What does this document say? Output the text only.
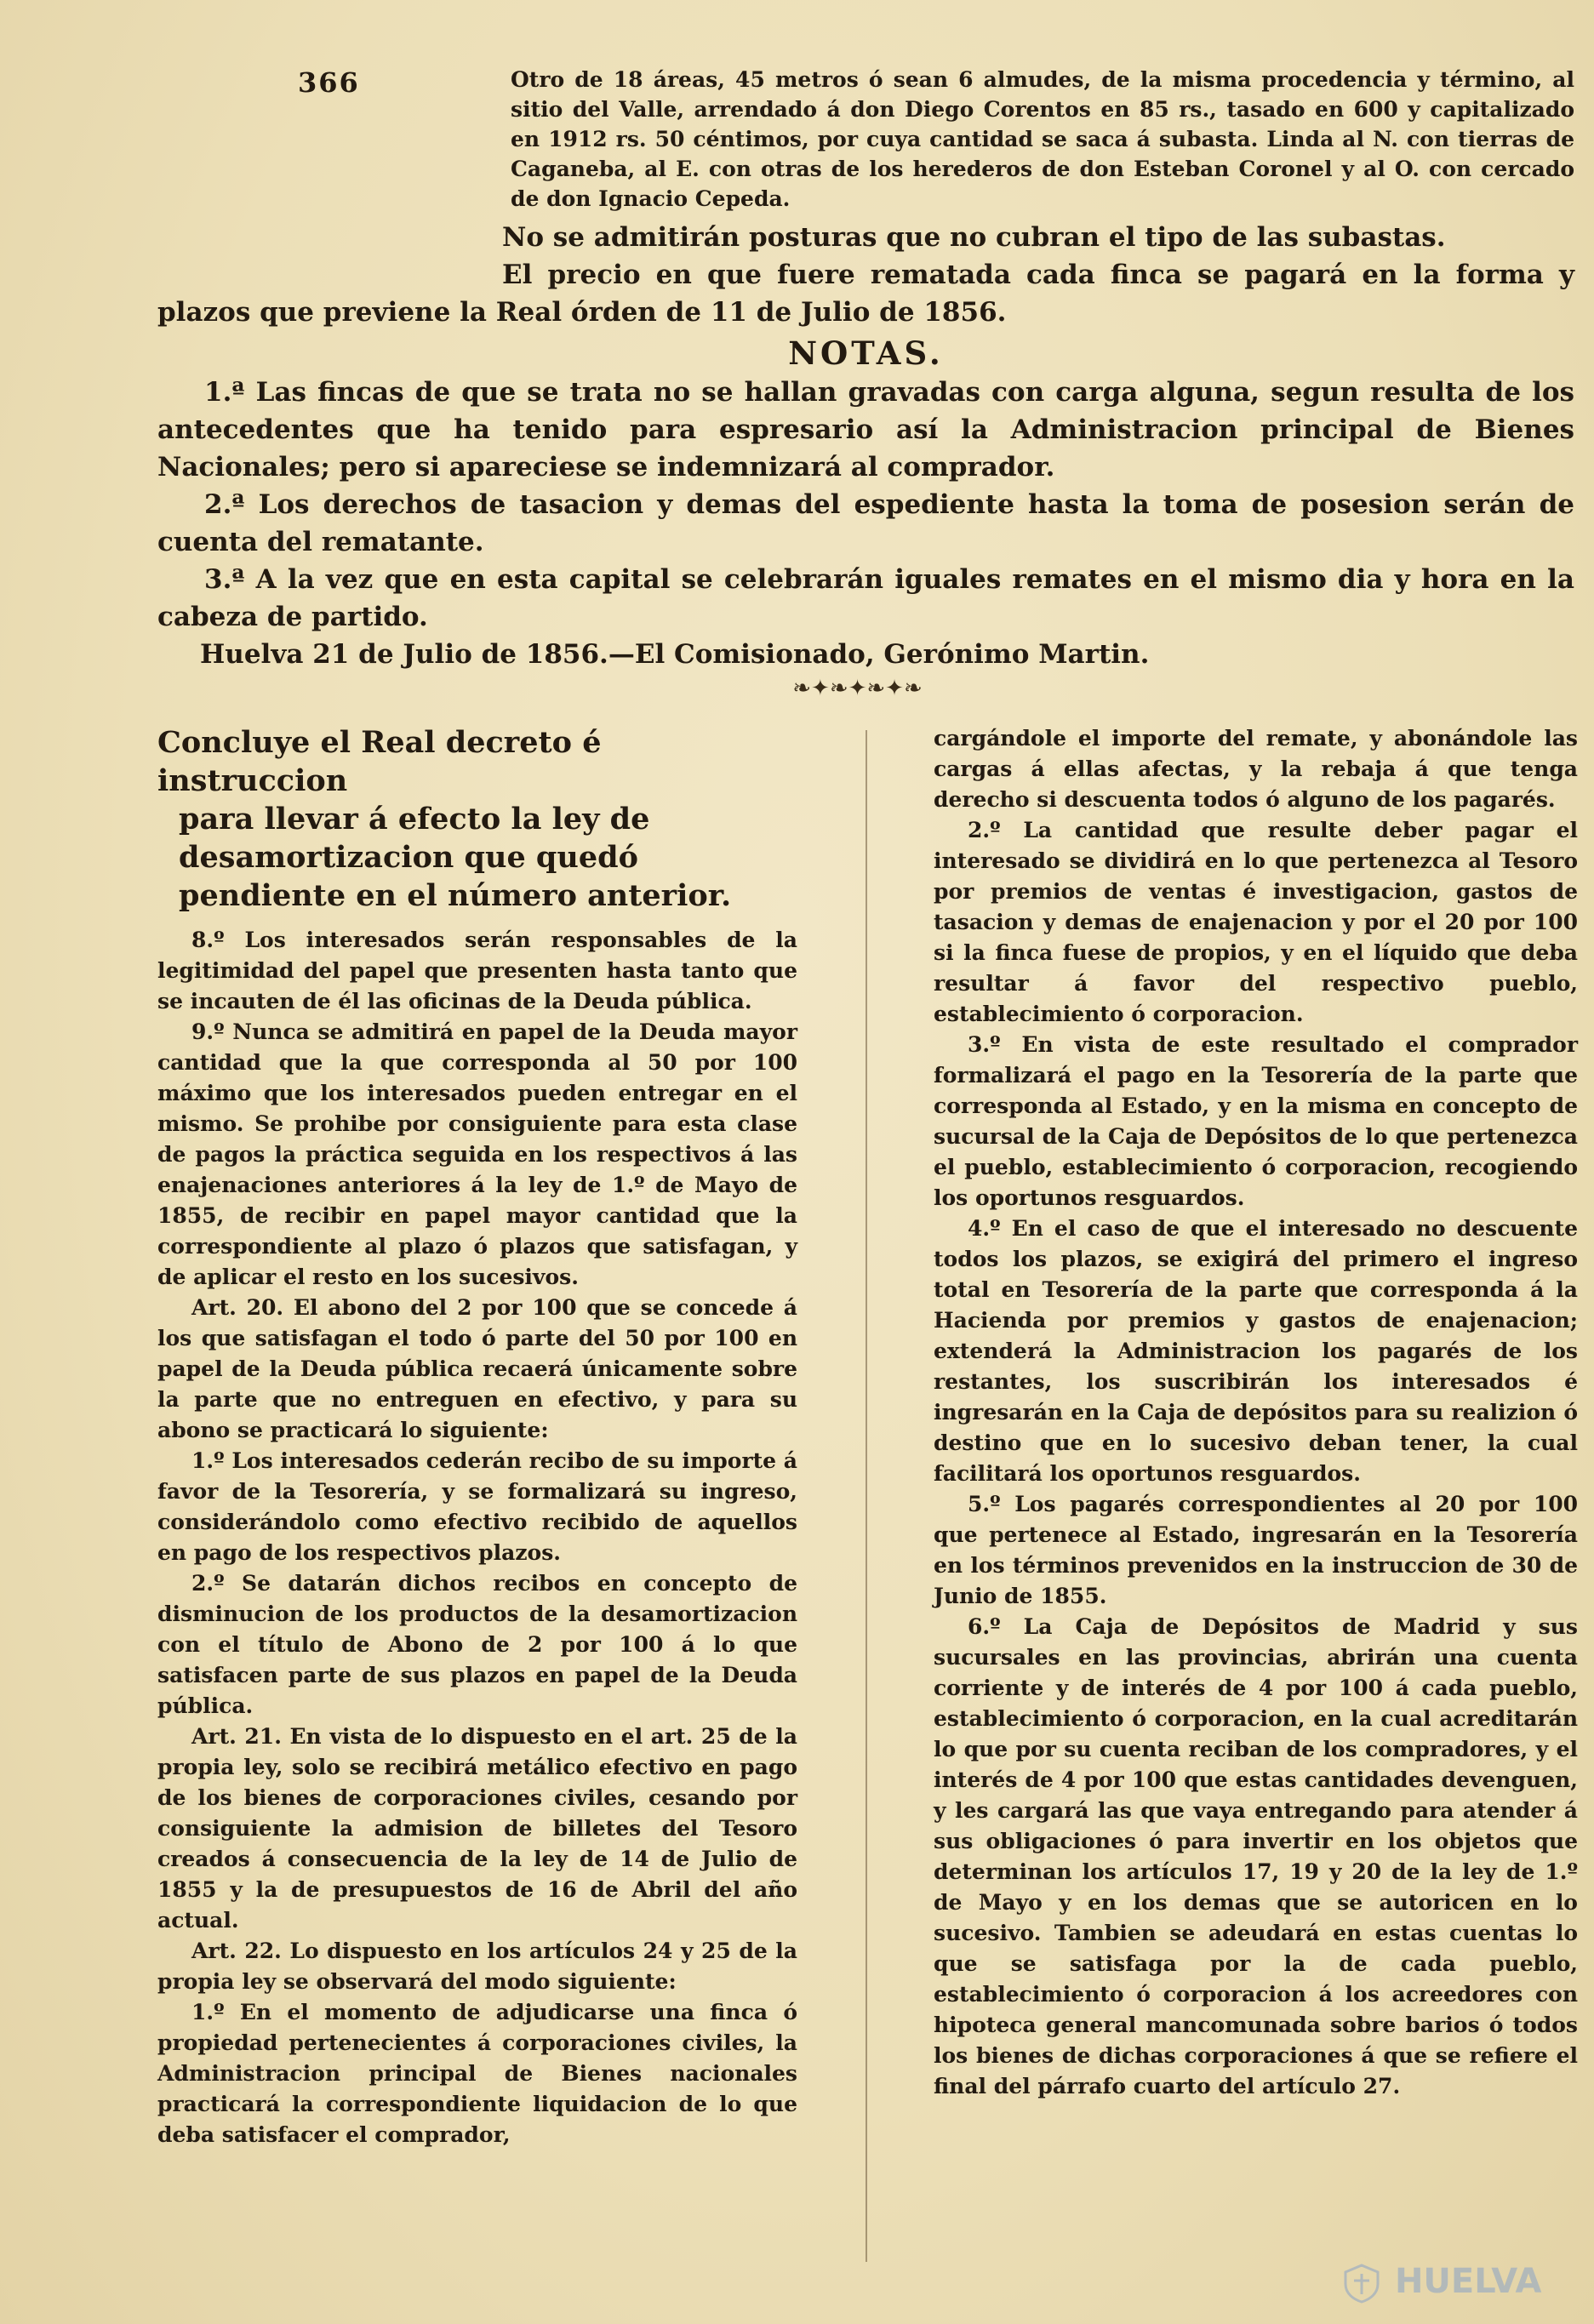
366	Otro de 18 áreas, 45 metros ó sean 6 almudes, de la misma procedencia y término, al sitio del Valle, arrendado á don Diego Corentos en 85 rs., tasado en 600 y capitalizado en 1912 rs. 50 céntimos, por cuya cantidad se saca á subasta. Linda al N. con tierras de Caganeba, al E. con otras de los herederos de don Esteban Coronel y al O. con cercado de don Ignacio Cepeda.

No se admitirán posturas que no cubran el tipo de las subastas.

El precio en que fuere rematada cada finca se pagará en la forma y plazos que previene la Real órden de 11 de Julio de 1856.

NOTAS.

1.ª Las fincas de que se trata no se hallan gravadas con carga alguna, segun resulta de los antecedentes que ha tenido para espresario así la Administracion principal de Bienes Nacionales; pero si apareciese se indemnizará al comprador.

2.ª Los derechos de tasacion y demas del espediente hasta la toma de posesion serán de cuenta del rematante.

3.ª A la vez que en esta capital se celebrarán iguales remates en el mismo dia y hora en la cabeza de partido.

Huelva 21 de Julio de 1856.—El Comisionado, Gerónimo Martin.

❧✦❧✦❧✦❧
Concluye el Real decreto é instruccion
para llevar á efecto la ley de desamortizacion que quedó pendiente en el número anterior.

8.º Los interesados serán responsables de la legitimidad del papel que presenten hasta tanto que se incauten de él las oficinas de la Deuda pública.

9.º Nunca se admitirá en papel de la Deuda mayor cantidad que la que corresponda al 50 por 100 máximo que los interesados pueden entregar en el mismo. Se prohibe por consiguiente para esta clase de pagos la práctica seguida en los respectivos á las enajenaciones anteriores á la ley de 1.º de Mayo de 1855, de recibir en papel mayor cantidad que la correspondiente al plazo ó plazos que satisfagan, y de aplicar el resto en los sucesivos.

Art. 20. El abono del 2 por 100 que se concede á los que satisfagan el todo ó parte del 50 por 100 en papel de la Deuda pública recaerá únicamente sobre la parte que no entreguen en efectivo, y para su abono se practicará lo siguiente:

1.º Los interesados cederán recibo de su importe á favor de la Tesorería, y se formalizará su ingreso, considerándolo como efectivo recibido de aquellos en pago de los respectivos plazos.

2.º Se datarán dichos recibos en concepto de disminucion de los productos de la desamortizacion con el título de Abono de 2 por 100 á lo que satisfacen parte de sus plazos en papel de la Deuda pública.

Art. 21. En vista de lo dispuesto en el art. 25 de la propia ley, solo se recibirá metálico efectivo en pago de los bienes de corporaciones civiles, cesando por consiguiente la admision de billetes del Tesoro creados á consecuencia de la ley de 14 de Julio de 1855 y la de presupuestos de 16 de Abril del año actual.

Art. 22. Lo dispuesto en los artículos 24 y 25 de la propia ley se observará del modo siguiente:

1.º En el momento de adjudicarse una finca ó propiedad pertenecientes á corporaciones civiles, la Administracion principal de Bienes nacionales practicará la correspondiente liquidacion de lo que deba satisfacer el comprador,

cargándole el importe del remate, y abonándole las cargas á ellas afectas, y la rebaja á que tenga derecho si descuenta todos ó alguno de los pagarés.

2.º La cantidad que resulte deber pagar el interesado se dividirá en lo que pertenezca al Tesoro por premios de ventas é investigacion, gastos de tasacion y demas de enajenacion y por el 20 por 100 si la finca fuese de propios, y en el líquido que deba resultar á favor del respectivo pueblo, establecimiento ó corporacion.

3.º En vista de este resultado el comprador formalizará el pago en la Tesorería de la parte que corresponda al Estado, y en la misma en concepto de sucursal de la Caja de Depósitos de lo que pertenezca el pueblo, establecimiento ó corporacion, recogiendo los oportunos resguardos.

4.º En el caso de que el interesado no descuente todos los plazos, se exigirá del primero el ingreso total en Tesorería de la parte que corresponda á la Hacienda por premios y gastos de enajenacion; extenderá la Administracion los pagarés de los restantes, los suscribirán los interesados é ingresarán en la Caja de depósitos para su realizion ó destino que en lo sucesivo deban tener, la cual facilitará los oportunos resguardos.

5.º Los pagarés correspondientes al 20 por 100 que pertenece al Estado, ingresarán en la Tesorería en los términos prevenidos en la instruccion de 30 de Junio de 1855.

6.º La Caja de Depósitos de Madrid y sus sucursales en las provincias, abrirán una cuenta corriente y de interés de 4 por 100 á cada pueblo, establecimiento ó corporacion, en la cual acreditarán lo que por su cuenta reciban de los compradores, y el interés de 4 por 100 que estas cantidades devenguen, y les cargará las que vaya entregando para atender á sus obligaciones ó para invertir en los objetos que determinan los artículos 17, 19 y 20 de la ley de 1.º de Mayo y en los demas que se autoricen en lo sucesivo. Tambien se adeudará en estas cuentas lo que se satisfaga por la de cada pueblo, establecimiento ó corporacion á los acreedores con hipoteca general mancomunada sobre barios ó todos los bienes de dichas corporaciones á que se refiere el final del párrafo cuarto del artículo 27.

HUELVA
